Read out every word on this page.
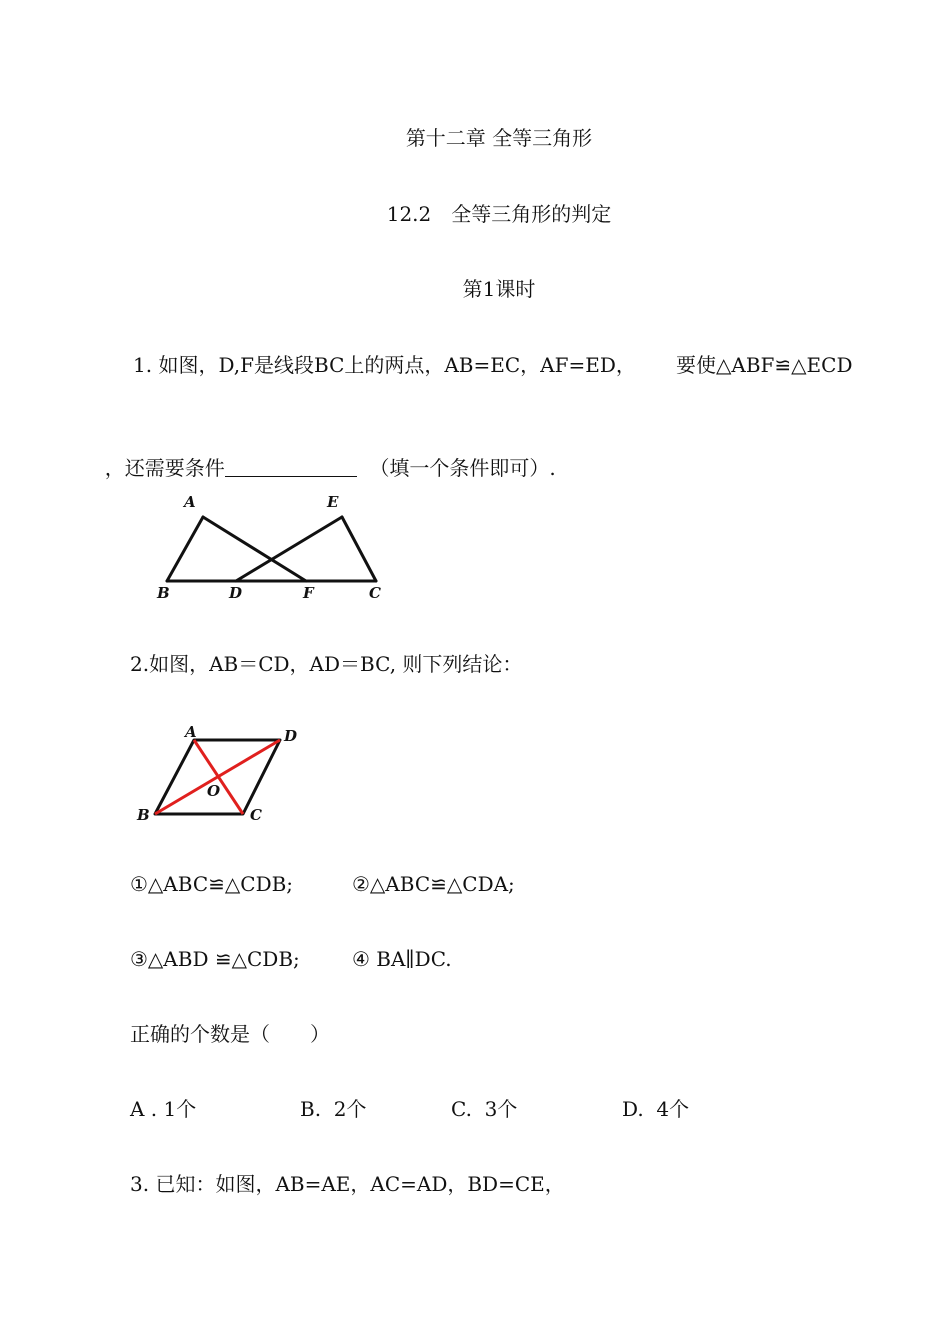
第十二章 全等三角形
12.2　全等三角形的判定
第1课时
1. 如图，D,F是线段BC上的两点，AB=EC，AF=ED， 要使△ABF≌△ECD

，还需要条件	（填一个条件即可）.

A	E
B	D	F	C
2.如图，AB＝CD，AD＝BC, 则下列结论：
A	D
O
B	C
①△ABC≌△CDB;	②△ABC≌△CDA;
③△ABD ≌△CDB;	④ BA∥DC.
正确的个数是（　　）
A . 1个	B.  2个	C.  3个	D.  4个
3. 已知：如图，AB=AE，AC=AD，BD=CE，
